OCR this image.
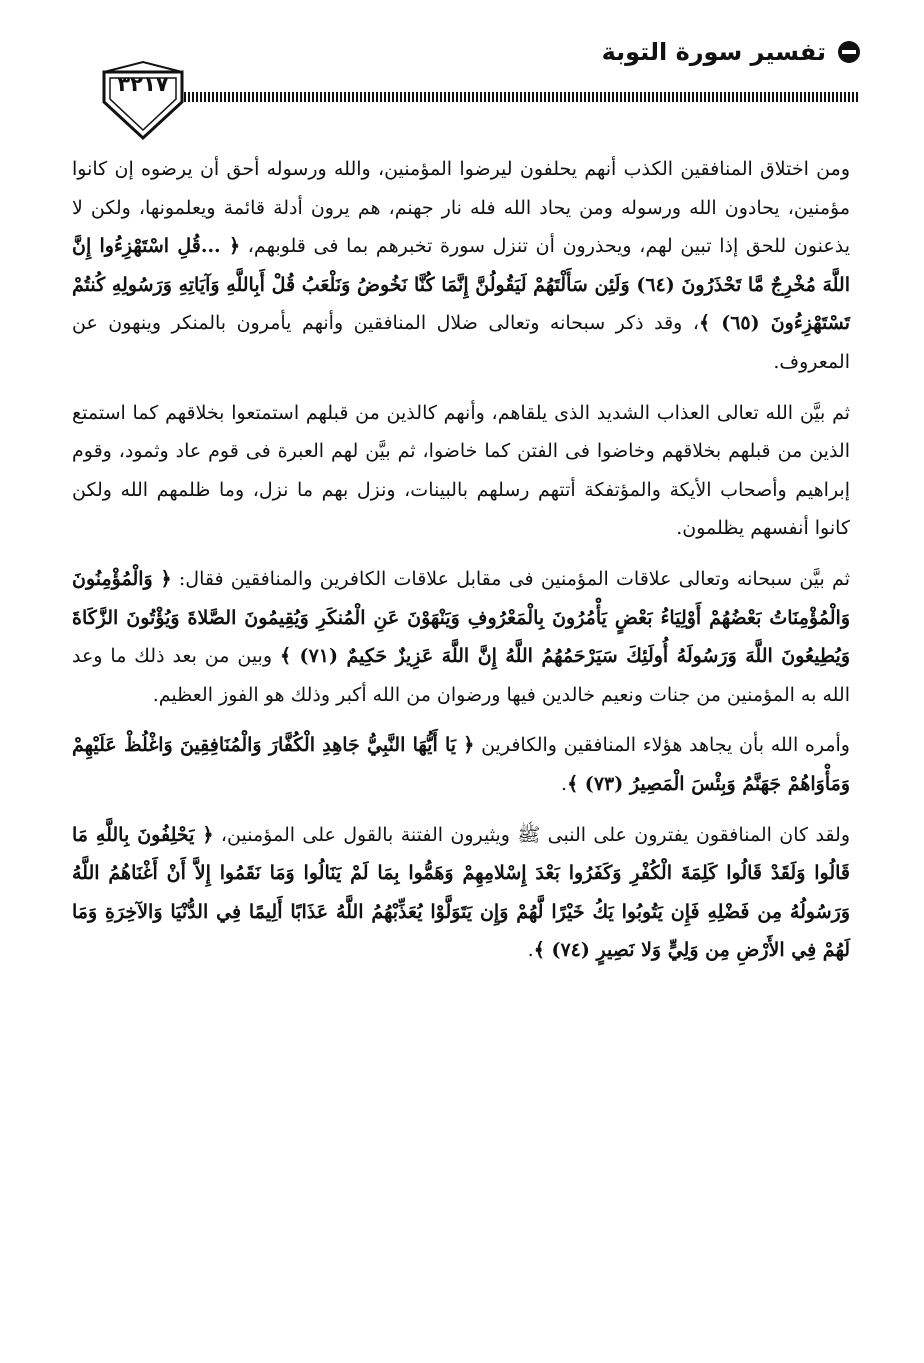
تفسير سورة التوبة
٣٢١٧

ومن اختلاق المنافقين الكذب أنهم يحلفون ليرضوا المؤمنين، والله ورسوله أحق أن يرضوه إن كانوا مؤمنين، يحادون الله ورسوله ومن يحاد الله فله نار جهنم، هم يرون أدلة قائمة ويعلمونها، ولكن لا يذعنون للحق إذا تبين لهم، ويحذرون أن تنزل سورة تخبرهم بما فى قلوبهم، ﴿ ...قُلِ اسْتَهْزِءُوا إِنَّ اللَّهَ مُخْرِجٌ مَّا تَحْذَرُونَ (٦٤) وَلَئِن سَأَلْتَهُمْ لَيَقُولُنَّ إِنَّمَا كُنَّا نَخُوضُ وَنَلْعَبُ قُلْ أَبِاللَّهِ وَآيَاتِهِ وَرَسُولِهِ كُنتُمْ تَسْتَهْزِءُونَ (٦٥) ﴾، وقد ذكر سبحانه وتعالى ضلال المنافقين وأنهم يأمرون بالمنكر وينهون عن المعروف.

ثم بيَّن الله تعالى العذاب الشديد الذى يلقاهم، وأنهم كالذين من قبلهم استمتعوا بخلاقهم كما استمتع الذين من قبلهم بخلاقهم وخاضوا فى الفتن كما خاضوا، ثم بيَّن لهم العبرة فى قوم عاد وثمود، وقوم إبراهيم وأصحاب الأيكة والمؤتفكة أتتهم رسلهم بالبينات، ونزل بهم ما نزل، وما ظلمهم الله ولكن كانوا أنفسهم يظلمون.

ثم بيَّن سبحانه وتعالى علاقات المؤمنين فى مقابل علاقات الكافرين والمنافقين فقال: ﴿ وَالْمُؤْمِنُونَ وَالْمُؤْمِنَاتُ بَعْضُهُمْ أَوْلِيَاءُ بَعْضٍ يَأْمُرُونَ بِالْمَعْرُوفِ وَيَنْهَوْنَ عَنِ الْمُنكَرِ وَيُقِيمُونَ الصَّلاةَ وَيُؤْتُونَ الزَّكَاةَ وَيُطِيعُونَ اللَّهَ وَرَسُولَهُ أُولَئِكَ سَيَرْحَمُهُمُ اللَّهُ إِنَّ اللَّهَ عَزِيزٌ حَكِيمٌ (٧١) ﴾ وبين من بعد ذلك ما وعد الله به المؤمنين من جنات ونعيم خالدين فيها ورضوان من الله أكبر وذلك هو الفوز العظيم.

وأمره الله بأن يجاهد هؤلاء المنافقين والكافرين ﴿ يَا أَيُّهَا النَّبِيُّ جَاهِدِ الْكُفَّارَ وَالْمُنَافِقِينَ وَاغْلُظْ عَلَيْهِمْ وَمَأْوَاهُمْ جَهَنَّمُ وَبِئْسَ الْمَصِيرُ (٧٣) ﴾.

ولقد كان المنافقون يفترون على النبى ﷺ ويثيرون الفتنة بالقول على المؤمنين، ﴿ يَحْلِفُونَ بِاللَّهِ مَا قَالُوا وَلَقَدْ قَالُوا كَلِمَةَ الْكُفْرِ وَكَفَرُوا بَعْدَ إِسْلامِهِمْ وَهَمُّوا بِمَا لَمْ يَنَالُوا وَمَا نَقَمُوا إِلاَّ أَنْ أَغْنَاهُمُ اللَّهُ وَرَسُولُهُ مِن فَضْلِهِ فَإِن يَتُوبُوا يَكُ خَيْرًا لَّهُمْ وَإِن يَتَوَلَّوْا يُعَذِّبْهُمُ اللَّهُ عَذَابًا أَلِيمًا فِي الدُّنْيَا وَالآخِرَةِ وَمَا لَهُمْ فِي الأَرْضِ مِن وَلِيٍّ وَلا نَصِيرٍ (٧٤) ﴾.
